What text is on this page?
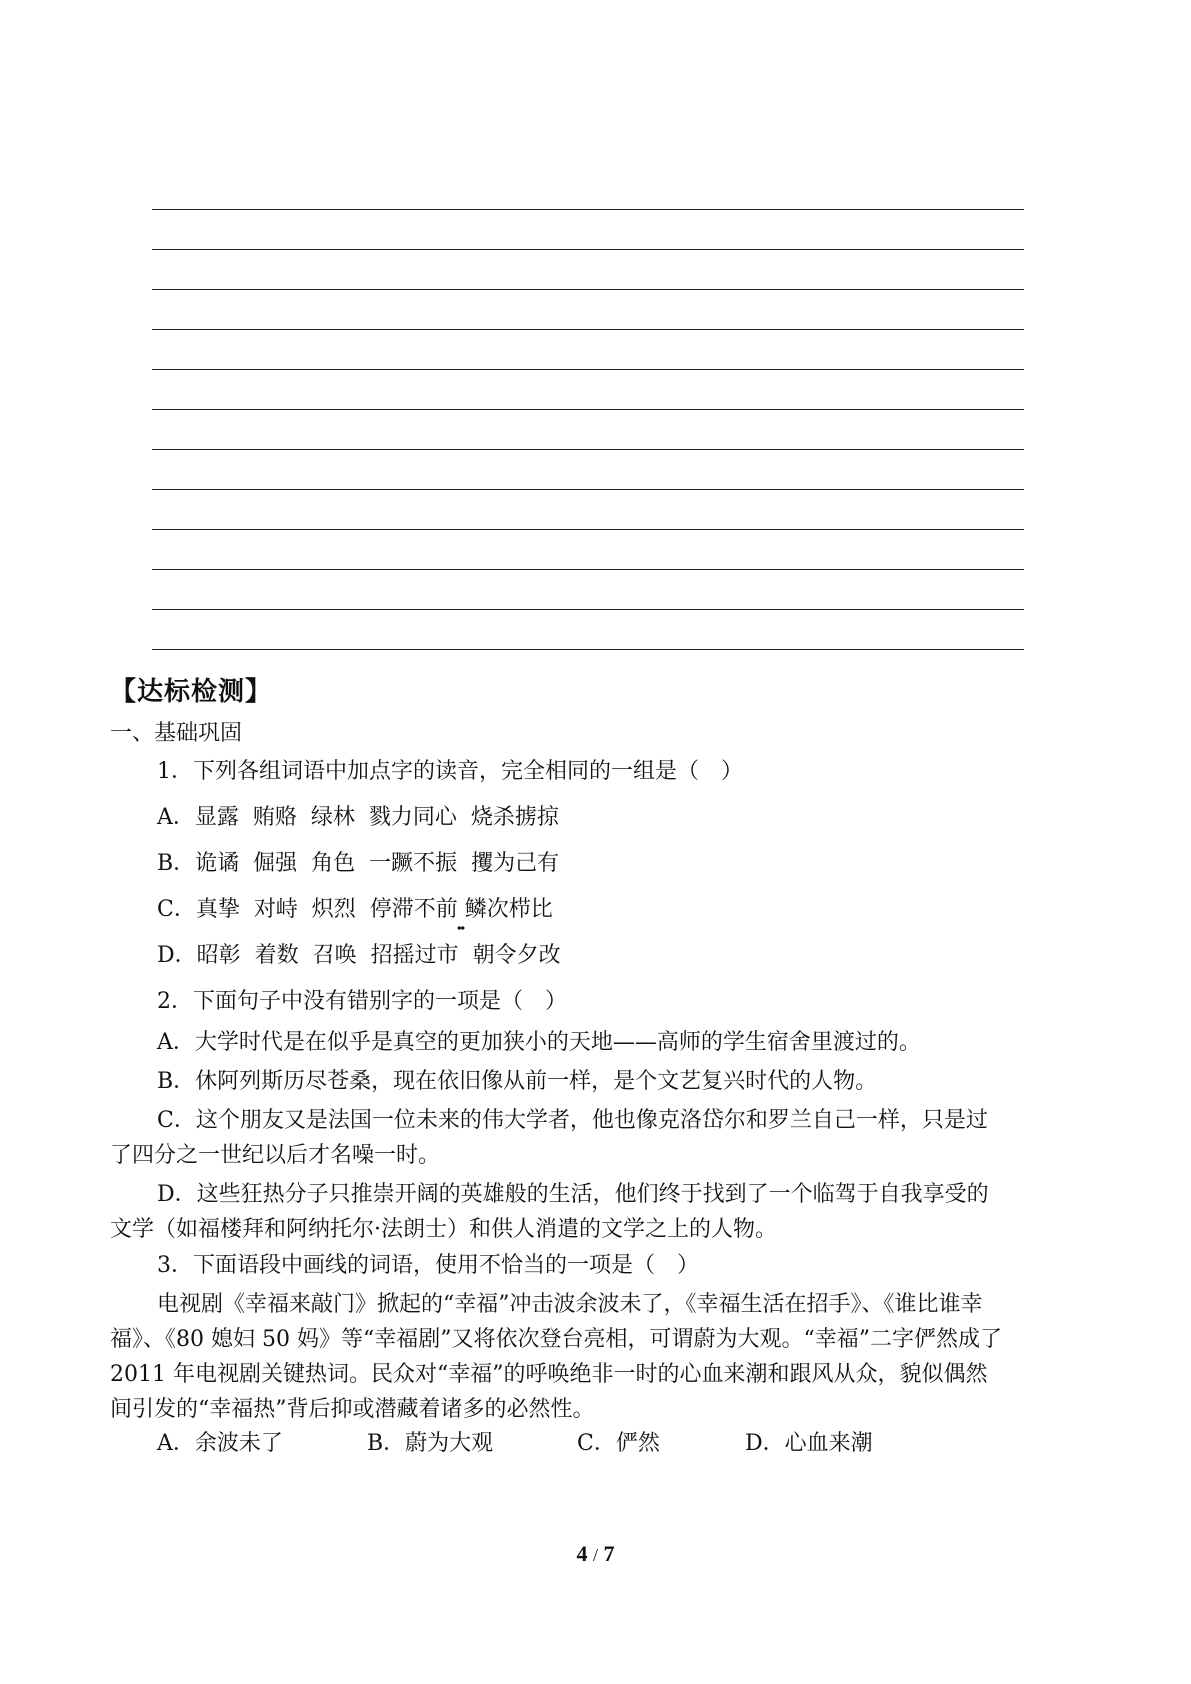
【达标检测】
一、基础巩固

1．下列各组词语中加点字的读音，完全相同的一组是（　）

A．显露  贿赂  绿林  戮力同心  烧杀掳掠

B．诡谲  倔强  角色  一蹶不振  攫为己有

C．真挚  对峙  炽烈  停滞不前 鳞次栉比

D．昭彰  着数  召唤  招摇过市  朝令夕改

2．下面句子中没有错别字的一项是（　）

A．大学时代是在似乎是真空的更加狭小的天地——高师的学生宿舍里渡过的。

B．休阿列斯历尽苍桑，现在依旧像从前一样，是个文艺复兴时代的人物。

C．这个朋友又是法国一位未来的伟大学者，他也像克洛岱尔和罗兰自己一样，只是过

了四分之一世纪以后才名噪一时。

D．这些狂热分子只推崇开阔的英雄般的生活，他们终于找到了一个临驾于自我享受的

文学（如福楼拜和阿纳托尔·法朗士）和供人消遣的文学之上的人物。

3．下面语段中画线的词语，使用不恰当的一项是（　）

电视剧《幸福来敲门》掀起的“幸福”冲击波余波未了，《幸福生活在招手》、《谁比谁幸

福》、《80 媳妇 50 妈》等“幸福剧”又将依次登台亮相，可谓蔚为大观。“幸福”二字俨然成了

2011 年电视剧关键热词。民众对“幸福”的呼唤绝非一时的心血来潮和跟风从众，貌似偶然

间引发的“幸福热”背后抑或潜藏着诸多的必然性。

A．余波未了	B．蔚为大观	C．俨然	D．心血来潮
4 / 7
